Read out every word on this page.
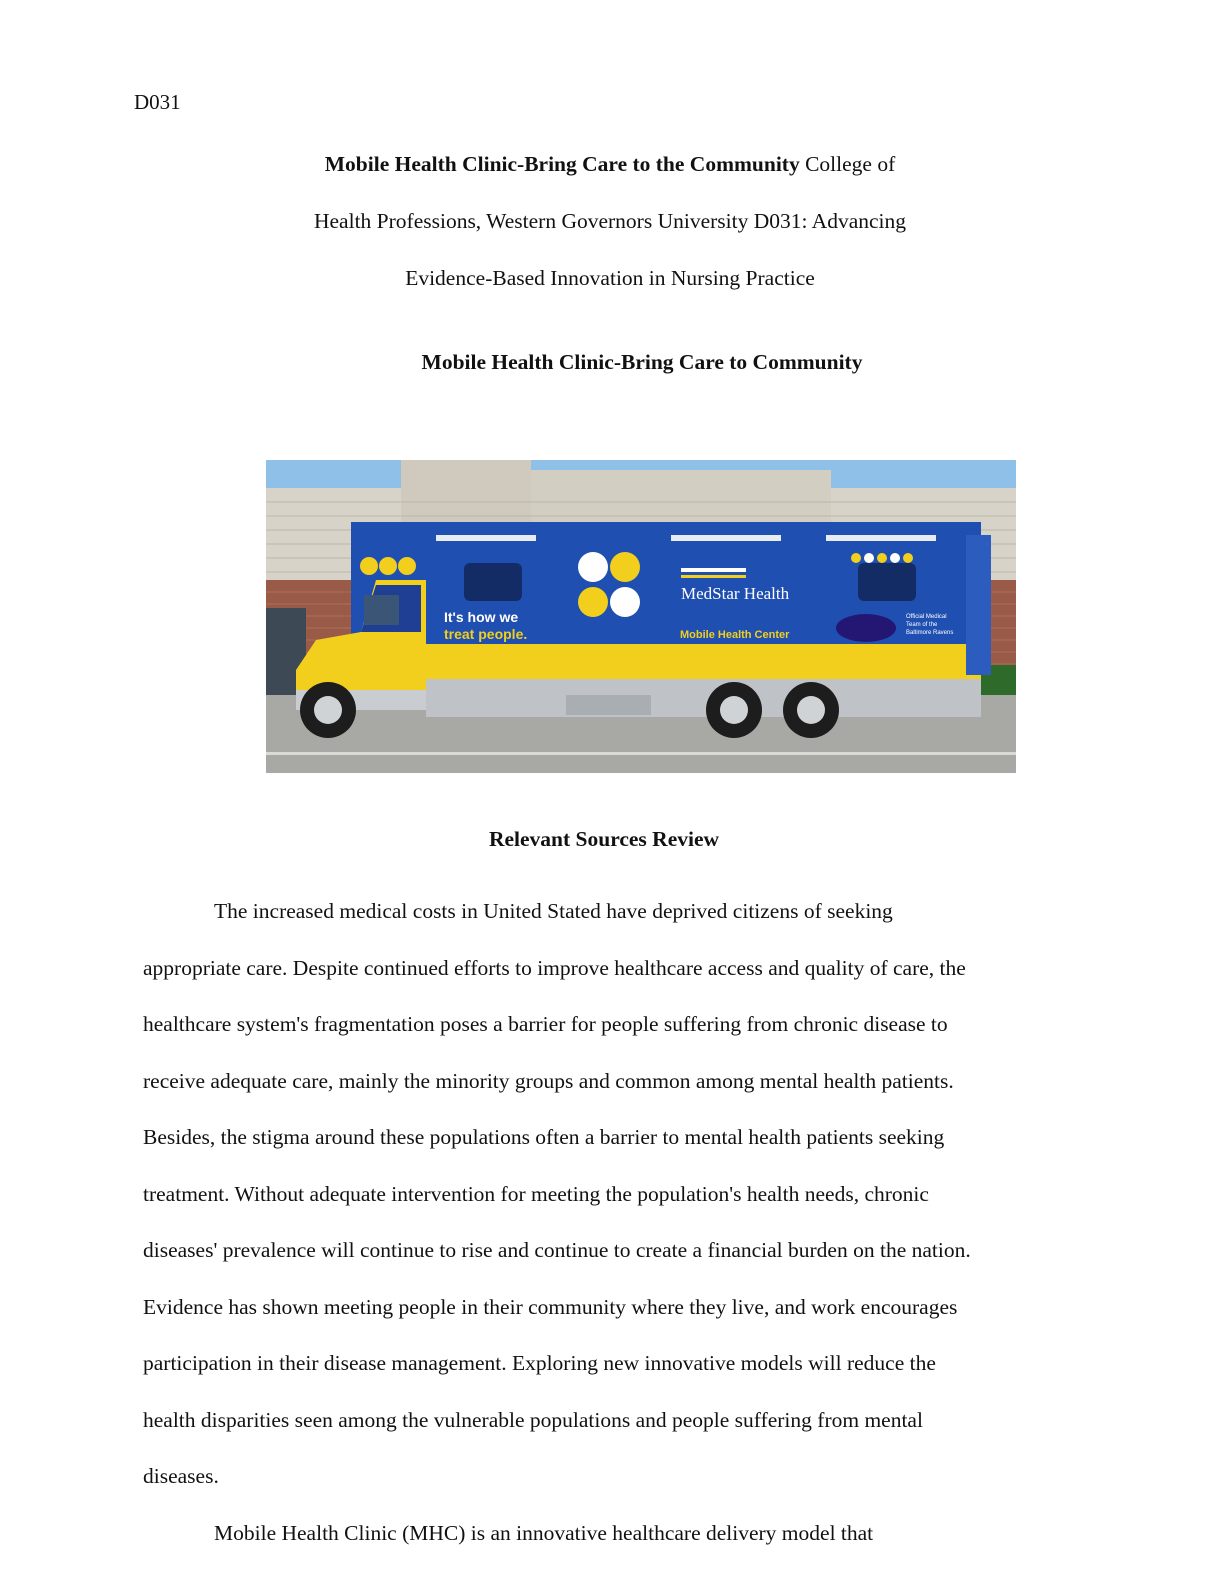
D031
Mobile Health Clinic-Bring Care to the Community College of
Health Professions, Western Governors University D031: Advancing
Evidence-Based Innovation in Nursing Practice
Mobile Health Clinic-Bring Care to Community
It's how we
treat people.
MedStar Health
Mobile Health Center
Official Medical
Team of the
Baltimore Ravens
Relevant Sources Review

The increased medical costs in United Stated have deprived citizens of seeking
appropriate care. Despite continued efforts to improve healthcare access and quality of care, the
healthcare system's fragmentation poses a barrier for people suffering from chronic disease to
receive adequate care, mainly the minority groups and common among mental health patients.
Besides, the stigma around these populations often a barrier to mental health patients seeking
treatment. Without adequate intervention for meeting the population's health needs, chronic
diseases' prevalence will continue to rise and continue to create a financial burden on the nation.
Evidence has shown meeting people in their community where they live, and work encourages
participation in their disease management. Exploring new innovative models will reduce the
health disparities seen among the vulnerable populations and people suffering from mental
diseases.

Mobile Health Clinic (MHC) is an innovative healthcare delivery model that
